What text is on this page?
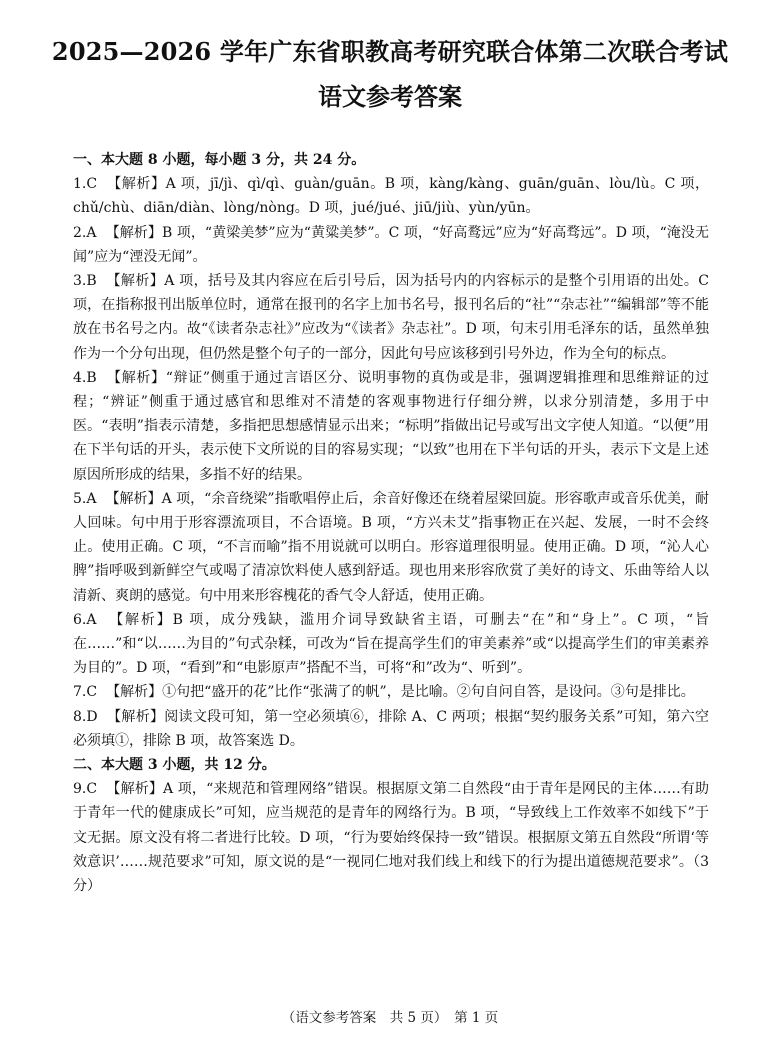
2025—2026 学年广东省职教高考研究联合体第二次联合考试
语文参考答案

一、本大题 8 小题，每小题 3 分，共 24 分。

1.C　 【解析】A 项，jī/jì、qì/qì、guàn/guān。B 项，kàng/kàng、guān/guān、lòu/lù。C 项，chǔ/chù、diān/diàn、lòng/nòng。D 项，jué/jué、jiū/jiù、yùn/yūn。

2.A　 【解析】B 项，“黄梁美梦”应为“黄粱美梦”。C 项，“好高鹜远”应为“好高骛远”。D 项，“淹没无闻”应为“湮没无闻”。

3.B　 【解析】A 项，括号及其内容应在后引号后，因为括号内的内容标示的是整个引用语的出处。C 项，在指称报刊出版单位时，通常在报刊的名字上加书名号，报刊名后的“社”“杂志社”“编辑部”等不能放在书名号之内。故“《读者杂志社》”应改为“《读者》杂志社”。D 项，句末引用毛泽东的话，虽然单独作为一个分句出现，但仍然是整个句子的一部分，因此句号应该移到引号外边，作为全句的标点。

4.B　 【解析】“辩证”侧重于通过言语区分、说明事物的真伪或是非，强调逻辑推理和思维辩证的过程；“辨证”侧重于通过感官和思维对不清楚的客观事物进行仔细分辨，以求分别清楚，多用于中医。“表明”指表示清楚，多指把思想感情显示出来；“标明”指做出记号或写出文字使人知道。“以便”用在下半句话的开头，表示使下文所说的目的容易实现；“以致”也用在下半句话的开头，表示下文是上述原因所形成的结果，多指不好的结果。

5.A　 【解析】A 项，“余音绕梁”指歌唱停止后，余音好像还在绕着屋梁回旋。形容歌声或音乐优美，耐人回味。句中用于形容漂流项目，不合语境。B 项，“方兴未艾”指事物正在兴起、发展，一时不会终止。使用正确。C 项，“不言而喻”指不用说就可以明白。形容道理很明显。使用正确。D 项，“沁人心脾”指呼吸到新鲜空气或喝了清凉饮料使人感到舒适。现也用来形容欣赏了美好的诗文、乐曲等给人以清新、爽朗的感觉。句中用来形容槐花的香气令人舒适，使用正确。

6.A　 【解析】B 项，成分残缺，滥用介词导致缺省主语，可删去“在”和“身上”。C 项，“旨在……”和“以……为目的”句式杂糅，可改为“旨在提高学生们的审美素养”或“以提高学生们的审美素养为目的”。D 项，“看到”和“电影原声”搭配不当，可将“和”改为“、听到”。

7.C　 【解析】①句把“盛开的花”比作“张满了的帆”，是比喻。②句自问自答，是设问。③句是排比。

8.D　 【解析】阅读文段可知，第一空必须填⑥，排除 A、C 两项；根据“契约服务关系”可知，第六空必须填①，排除 B 项，故答案选 D。

二、本大题 3 小题，共 12 分。

9.C　 【解析】A 项，“来规范和管理网络”错误。根据原文第二自然段“由于青年是网民的主体……有助于青年一代的健康成长”可知，应当规范的是青年的网络行为。B 项，“导致线上工作效率不如线下”于文无据。原文没有将二者进行比较。D 项，“行为要始终保持一致”错误。根据原文第五自然段“所谓‘等效意识’……规范要求”可知，原文说的是“一视同仁地对我们线上和线下的行为提出道德规范要求”。（3 分）

（语文参考答案　共 5 页）　第 1 页
